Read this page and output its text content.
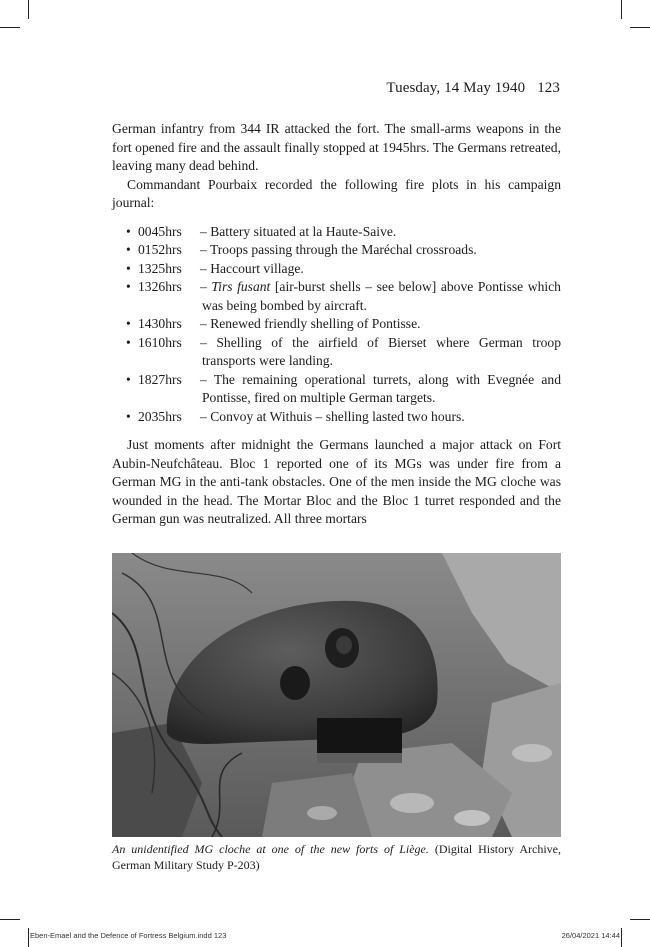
Tuesday, 14 May 1940 123

German infantry from 344 IR attacked the fort. The small-arms weapons in the fort opened fire and the assault finally stopped at 1945hrs. The Germans retreated, leaving many dead behind.

Commandant Pourbaix recorded the following fire plots in his campaign journal:

• 0045hrs – Battery situated at la Haute-Saive.
• 0152hrs – Troops passing through the Maréchal crossroads.
• 1325hrs – Haccourt village.
• 1326hrs – Tirs fusant [air-burst shells – see below] above Pontisse which was being bombed by aircraft.
• 1430hrs – Renewed friendly shelling of Pontisse.
• 1610hrs – Shelling of the airfield of Bierset where German troop transports were landing.
• 1827hrs – The remaining operational turrets, along with Evegnée and Pontisse, fired on multiple German targets.
• 2035hrs – Convoy at Withuis – shelling lasted two hours.

Just moments after midnight the Germans launched a major attack on Fort Aubin-Neufchâteau. Bloc 1 reported one of its MGs was under fire from a German MG in the anti-tank obstacles. One of the men inside the MG cloche was wounded in the head. The Mortar Bloc and the Bloc 1 turret responded and the German gun was neutralized. All three mortars

An unidentified MG cloche at one of the new forts of Liège. (Digital History Archive, German Military Study P-203)
Eben-Emael and the Defence of Fortress Belgium.indd 123	26/04/2021 14:44
